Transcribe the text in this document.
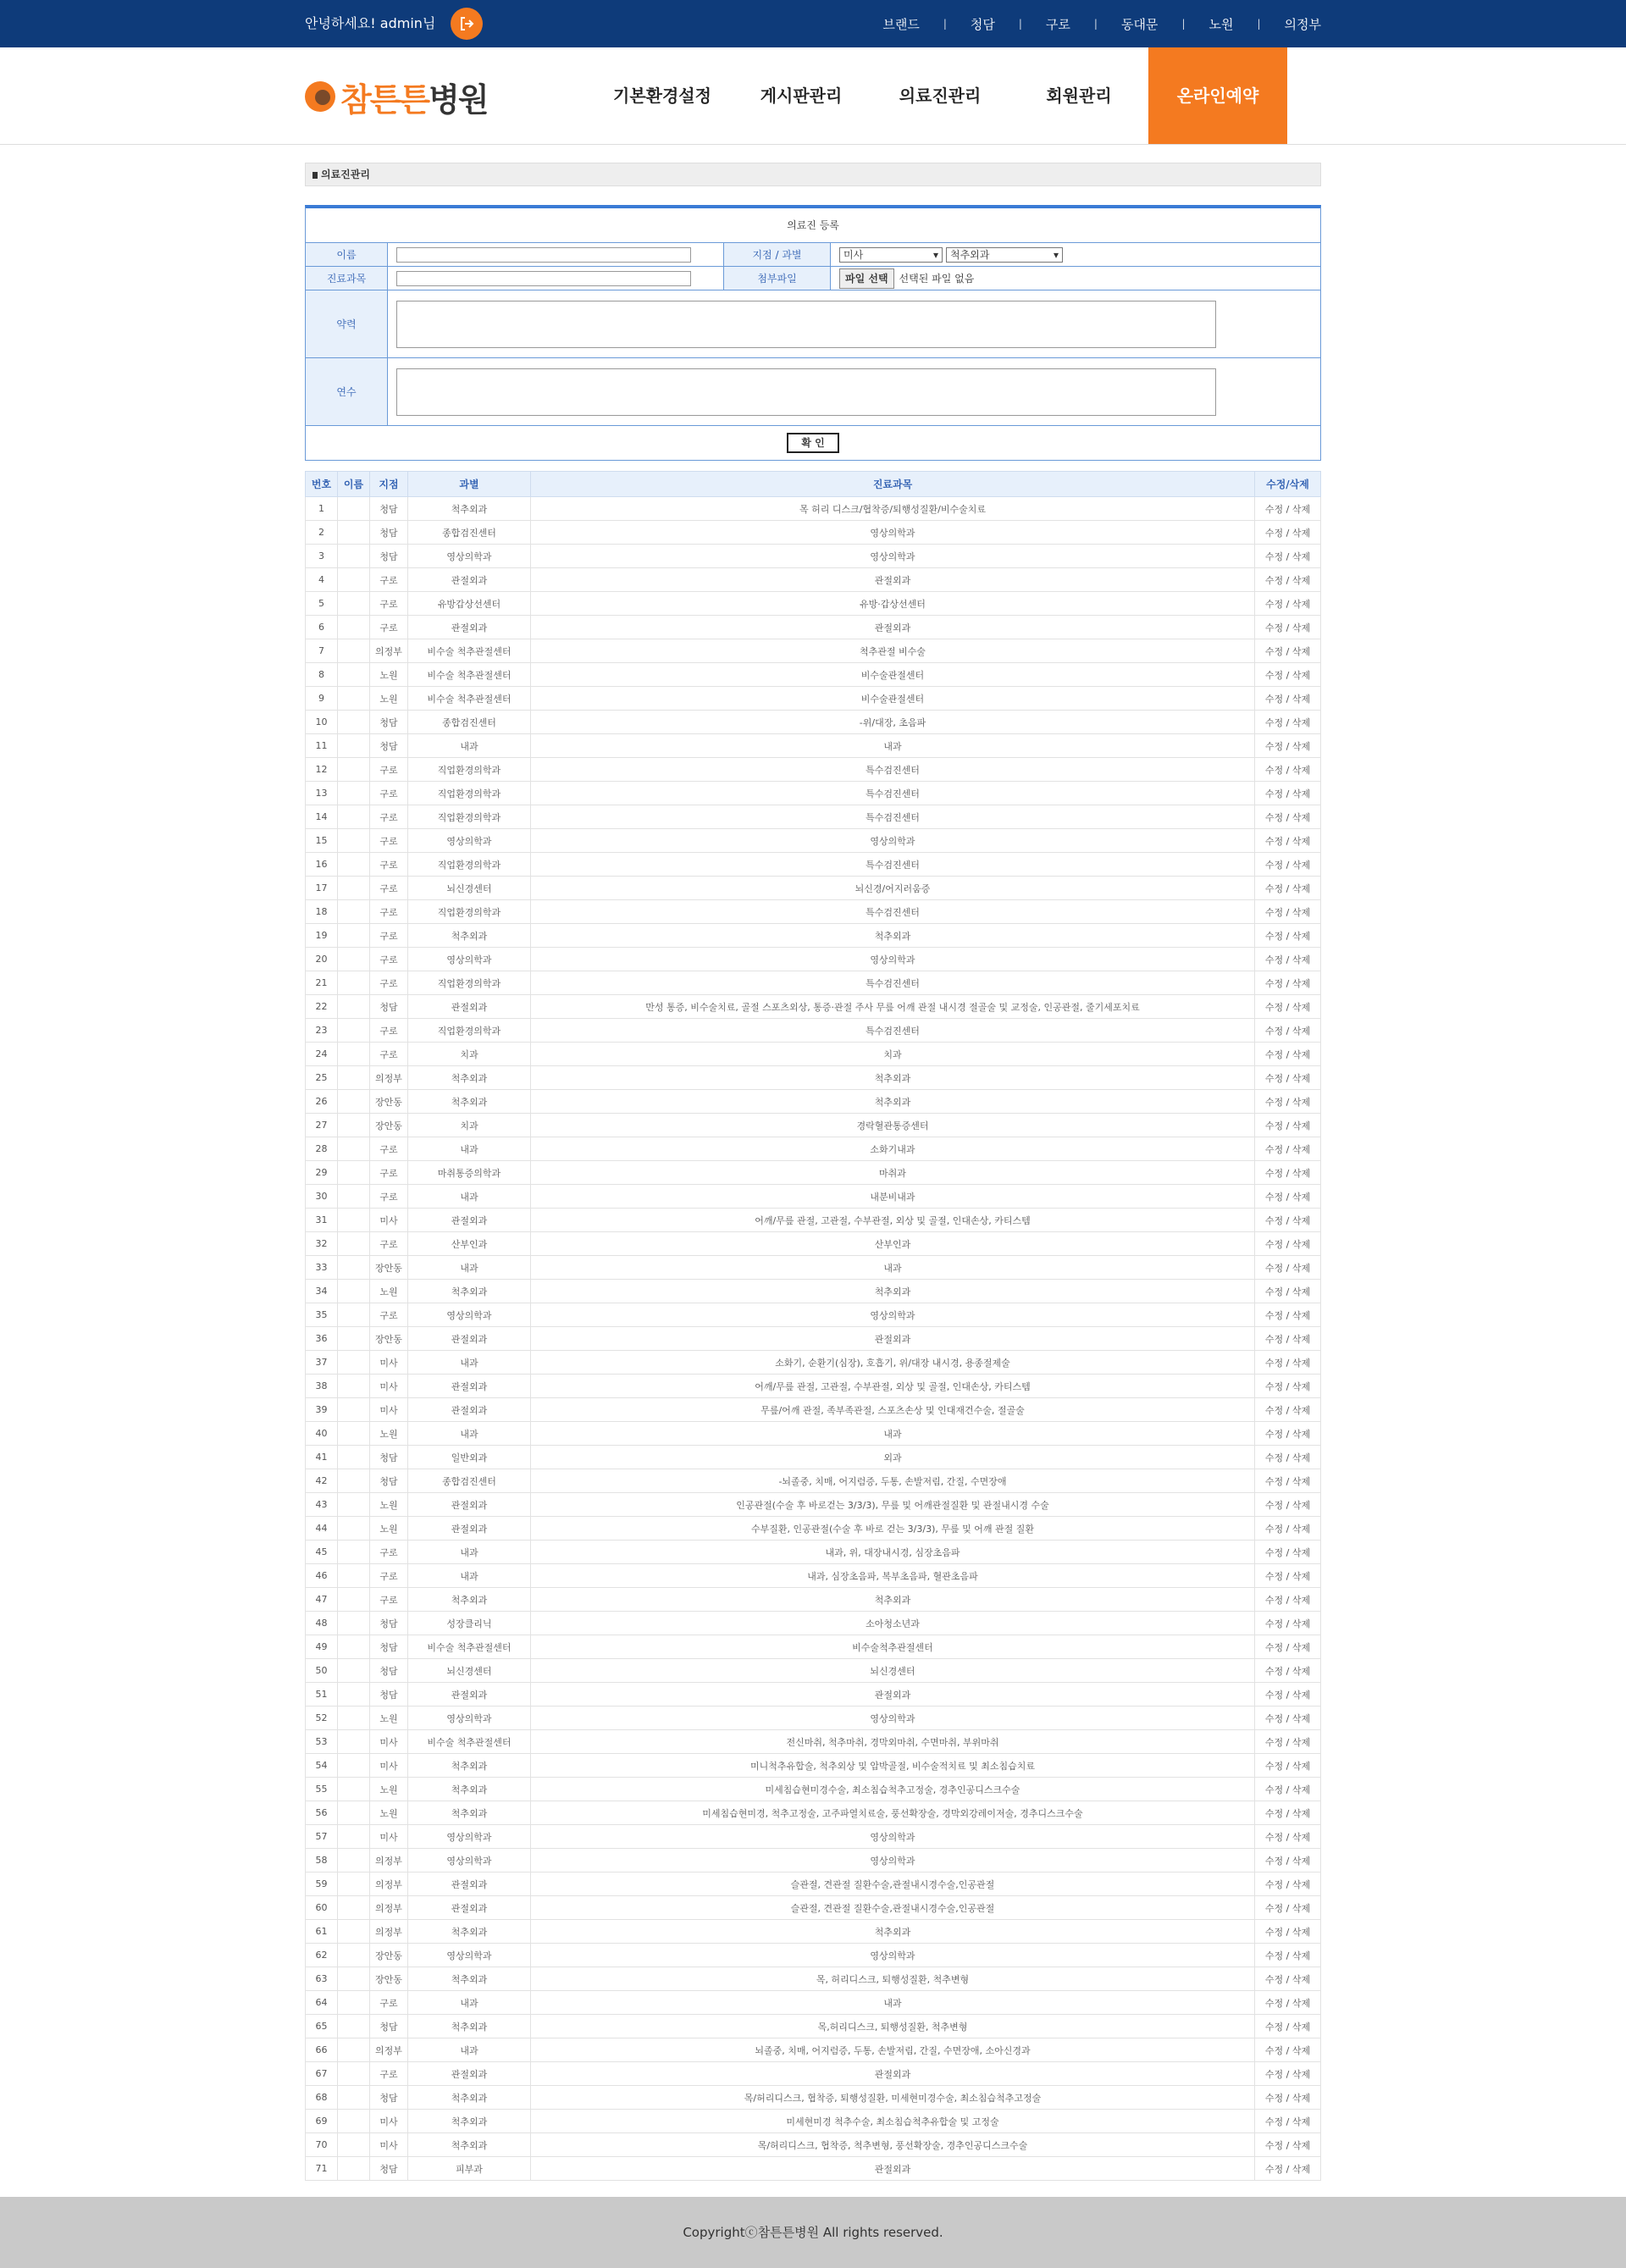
안녕하세요! admin님	브랜드 | 청담 | 구로 | 동대문 | 노원 | 의정부
참튼튼병원	기본환경설정	게시판관리	의료진관리	회원관리	온라인예약
의료진관리
의료진 등록
이름	지점 / 과별	미사	▾ 척추외과	▾
진료과목	첨부파일	파일 선택	선택된 파일 없음
약력
연수
확 인
번호	이름	지점	과별	진료과목	수정/삭제
1		청담	척추외과	목 허리 디스크/협착증/퇴행성질환/비수술치료	수정 / 삭제
2		청담	종합검진센터	영상의학과	수정 / 삭제
3		청담	영상의학과	영상의학과	수정 / 삭제
4		구로	관절외과	관절외과	수정 / 삭제
5		구로	유방갑상선센터	유방·갑상선센터	수정 / 삭제
6		구로	관절외과	관절외과	수정 / 삭제
7		의정부	비수술 척추관절센터	척추관절 비수술	수정 / 삭제
8		노원	비수술 척추관절센터	비수술관절센터	수정 / 삭제
9		노원	비수술 척추관절센터	비수술관절센터	수정 / 삭제
10		청담	종합검진센터	-위/대장, 초음파	수정 / 삭제
11		청담	내과	내과	수정 / 삭제
12		구로	직업환경의학과	특수검진센터	수정 / 삭제
13		구로	직업환경의학과	특수검진센터	수정 / 삭제
14		구로	직업환경의학과	특수검진센터	수정 / 삭제
15		구로	영상의학과	영상의학과	수정 / 삭제
16		구로	직업환경의학과	특수검진센터	수정 / 삭제
17		구로	뇌신경센터	뇌신경/어지러움증	수정 / 삭제
18		구로	직업환경의학과	특수검진센터	수정 / 삭제
19		구로	척추외과	척추외과	수정 / 삭제
20		구로	영상의학과	영상의학과	수정 / 삭제
21		구로	직업환경의학과	특수검진센터	수정 / 삭제
22		청담	관절외과	만성 통증, 비수술치료, 골절 스포츠외상, 통증·관절 주사 무릎 어깨 관절 내시경 절골술 및 교정술, 인공관절, 줄기세포치료	수정 / 삭제
23		구로	직업환경의학과	특수검진센터	수정 / 삭제
24		구로	치과	치과	수정 / 삭제
25		의정부	척추외과	척추외과	수정 / 삭제
26		장안동	척추외과	척추외과	수정 / 삭제
27		장안동	치과	경락혈관통증센터	수정 / 삭제
28		구로	내과	소화기내과	수정 / 삭제
29		구로	마취통증의학과	마취과	수정 / 삭제
30		구로	내과	내분비내과	수정 / 삭제
31		미사	관절외과	어깨/무릎 관절, 고관절, 수부관절, 외상 및 골절, 인대손상, 카티스템	수정 / 삭제
32		구로	산부인과	산부인과	수정 / 삭제
33		장안동	내과	내과	수정 / 삭제
34		노원	척추외과	척추외과	수정 / 삭제
35		구로	영상의학과	영상의학과	수정 / 삭제
36		장안동	관절외과	관절외과	수정 / 삭제
37		미사	내과	소화기, 순환기(심장), 호흡기, 위/대장 내시경, 용종절제술	수정 / 삭제
38		미사	관절외과	어깨/무릎 관절, 고관절, 수부관절, 외상 및 골절, 인대손상, 카티스템	수정 / 삭제
39		미사	관절외과	무릎/어깨 관절, 족부족관절, 스포츠손상 및 인대재건수술, 절골술	수정 / 삭제
40		노원	내과	내과	수정 / 삭제
41		청담	일반외과	외과	수정 / 삭제
42		청담	종합검진센터	-뇌졸중, 치매, 어지럼증, 두통, 손발저림, 간질, 수면장애	수정 / 삭제
43		노원	관절외과	인공관절(수술 후 바로걷는 3/3/3), 무릎 및 어깨관절질환 및 관절내시경 수술	수정 / 삭제
44		노원	관절외과	수부질환, 인공관절(수술 후 바로 걷는 3/3/3), 무릎 및 어깨 관절 질환	수정 / 삭제
45		구로	내과	내과, 위, 대장내시경, 심장초음파	수정 / 삭제
46		구로	내과	내과, 심장초음파, 복부초음파, 혈관초음파	수정 / 삭제
47		구로	척추외과	척추외과	수정 / 삭제
48		청담	성장클리닉	소아청소년과	수정 / 삭제
49		청담	비수술 척추관절센터	비수술척추관절센터	수정 / 삭제
50		청담	뇌신경센터	뇌신경센터	수정 / 삭제
51		청담	관절외과	관절외과	수정 / 삭제
52		노원	영상의학과	영상의학과	수정 / 삭제
53		미사	비수술 척추관절센터	전신마취, 척추마취, 경막외마취, 수면마취, 부위마취	수정 / 삭제
54		미사	척추외과	미니척추유합술, 척추외상 및 압박골절, 비수술적치료 및 최소침습치료	수정 / 삭제
55		노원	척추외과	미세침습현미경수술, 최소침습척추고정술, 경추인공디스크수술	수정 / 삭제
56		노원	척추외과	미세침습현미경, 척추고정술, 고주파열치료술, 풍선확장술, 경막외강레이저술, 경추디스크수술	수정 / 삭제
57		미사	영상의학과	영상의학과	수정 / 삭제
58		의정부	영상의학과	영상의학과	수정 / 삭제
59		의정부	관절외과	슬관절, 견관절 질환수술,관절내시경수술,인공관절	수정 / 삭제
60		의정부	관절외과	슬관절, 견관절 질환수술,관절내시경수술,인공관절	수정 / 삭제
61		의정부	척추외과	척추외과	수정 / 삭제
62		장안동	영상의학과	영상의학과	수정 / 삭제
63		장안동	척추외과	목, 허리디스크, 퇴행성질환, 척추변형	수정 / 삭제
64		구로	내과	내과	수정 / 삭제
65		청담	척추외과	목,허리디스크, 퇴행성질환, 척추변형	수정 / 삭제
66		의정부	내과	뇌졸중, 치매, 어지럼증, 두통, 손발저림, 간질, 수면장애, 소아신경과	수정 / 삭제
67		구로	관절외과	관절외과	수정 / 삭제
68		청담	척추외과	목/허리디스크, 협착증, 퇴행성질환, 미세현미경수술, 최소침습척추고정술	수정 / 삭제
69		미사	척추외과	미세현미경 척추수술, 최소침습척추유합술 및 고정술	수정 / 삭제
70		미사	척추외과	목/허리디스크, 협착증, 척추변형, 풍선확장술, 경추인공디스크수술	수정 / 삭제
71		청담	피부과	관절외과	수정 / 삭제
Copyrightⓒ참튼튼병원 All rights reserved.
